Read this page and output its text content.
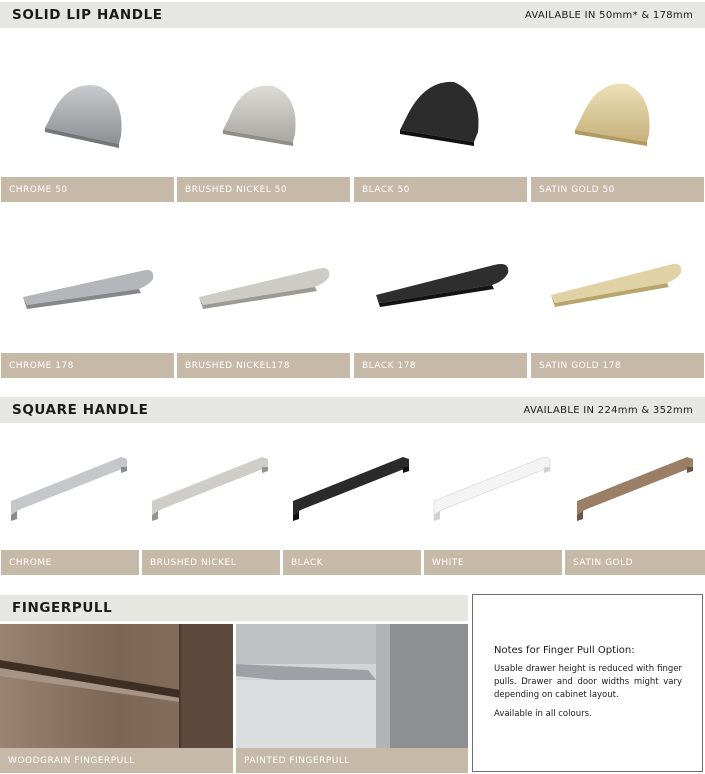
SOLID LIP HANDLE	AVAILABLE IN 50mm* & 178mm
CHROME 50	BRUSHED NICKEL 50	BLACK 50	SATIN GOLD 50
CHROME 178	BRUSHED NICKEL178	BLACK 178	SATIN GOLD 178
SQUARE HANDLE	AVAILABLE IN 224mm & 352mm
CHROME	BRUSHED NICKEL	BLACK	WHITE	SATIN GOLD
FINGERPULL
WOODGRAIN FINGERPULL	PAINTED FINGERPULL
Notes for Finger Pull Option:

Usable drawer height is reduced with finger pulls. Drawer and door widths might vary depending on cabinet layout.

Available in all colours.
